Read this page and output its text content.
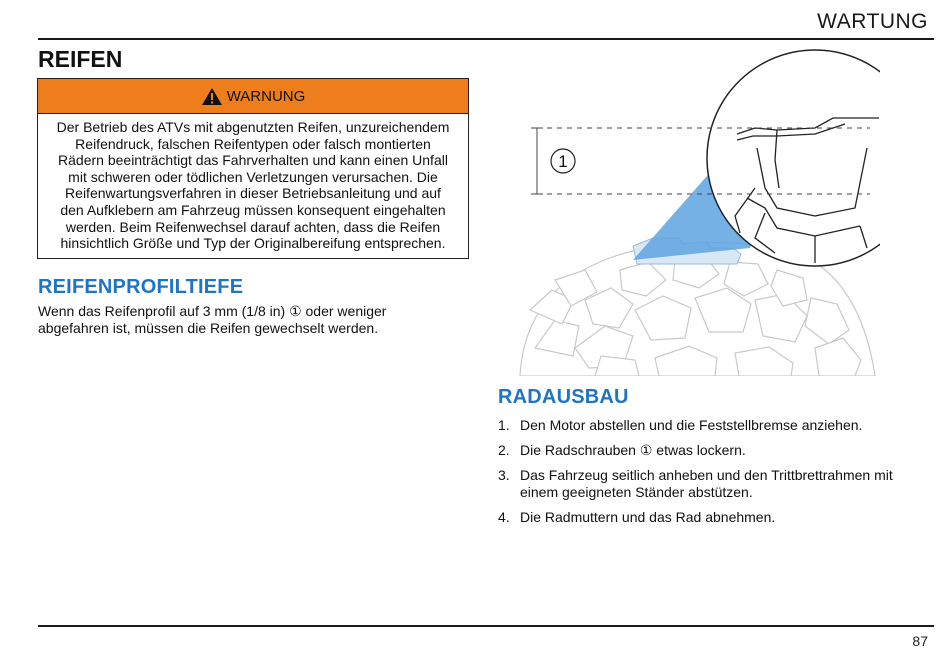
WARTUNG
REIFEN
WARNUNG
Der Betrieb des ATVs mit abgenutzten Reifen, unzureichendem
Reifendruck, falschen Reifentypen oder falsch montierten
Rädern beeinträchtigt das Fahrverhalten und kann einen Unfall
mit schweren oder tödlichen Verletzungen verursachen. Die
Reifenwartungsverfahren in dieser Betriebsanleitung und auf
den Aufklebern am Fahrzeug müssen konsequent eingehalten
werden. Beim Reifenwechsel darauf achten, dass die Reifen
hinsichtlich Größe und Typ der Originalbereifung entsprechen.
REIFENPROFILTIEFE
Wenn das Reifenprofil auf 3 mm (1/8 in) ① oder weniger
abgefahren ist, müssen die Reifen gewechselt werden.
1
RADAUSBAU
1. Den Motor abstellen und die Feststellbremse anziehen.
2. Die Radschrauben ① etwas lockern.
3. Das Fahrzeug seitlich anheben und den Trittbrettrahmen mit
einem geeigneten Ständer abstützen.
4. Die Radmuttern und das Rad abnehmen.
87
